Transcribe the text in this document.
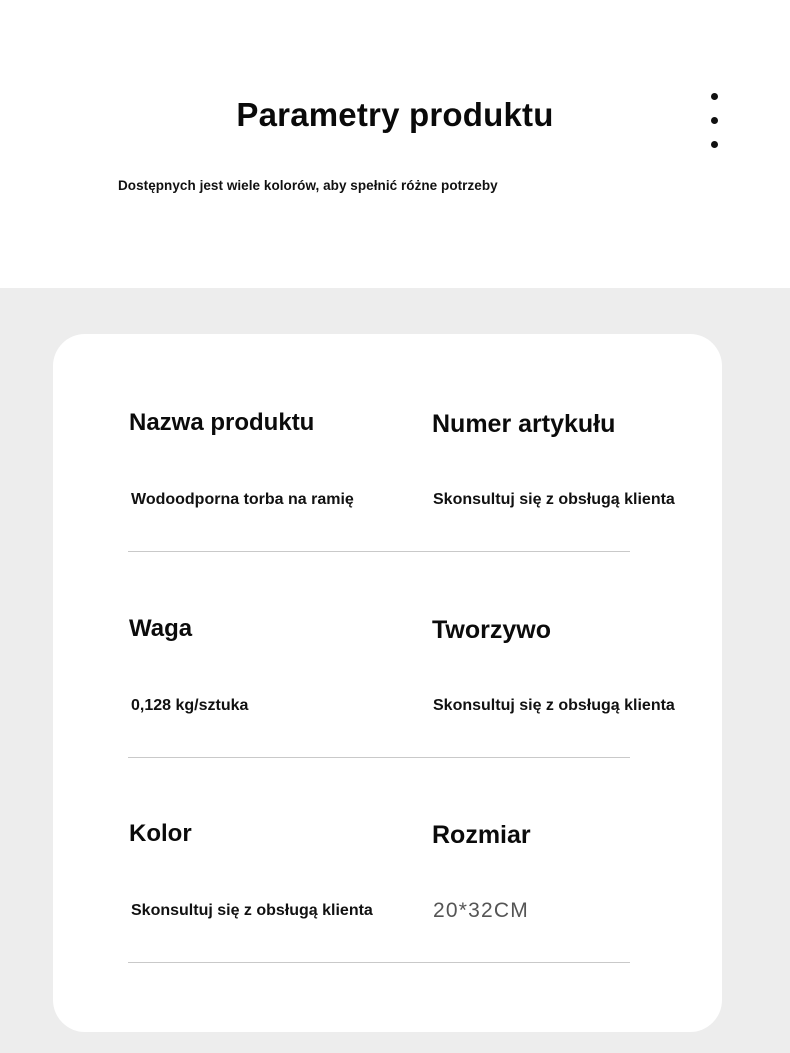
Parametry produktu
Dostępnych jest wiele kolorów, aby spełnić różne potrzeby
Nazwa produktu
Wodoodporna torba na ramię
Numer artykułu
Skonsultuj się z obsługą klienta
Waga
0,128 kg/sztuka
Tworzywo
Skonsultuj się z obsługą klienta
Kolor
Skonsultuj się z obsługą klienta
Rozmiar
20*32CM
